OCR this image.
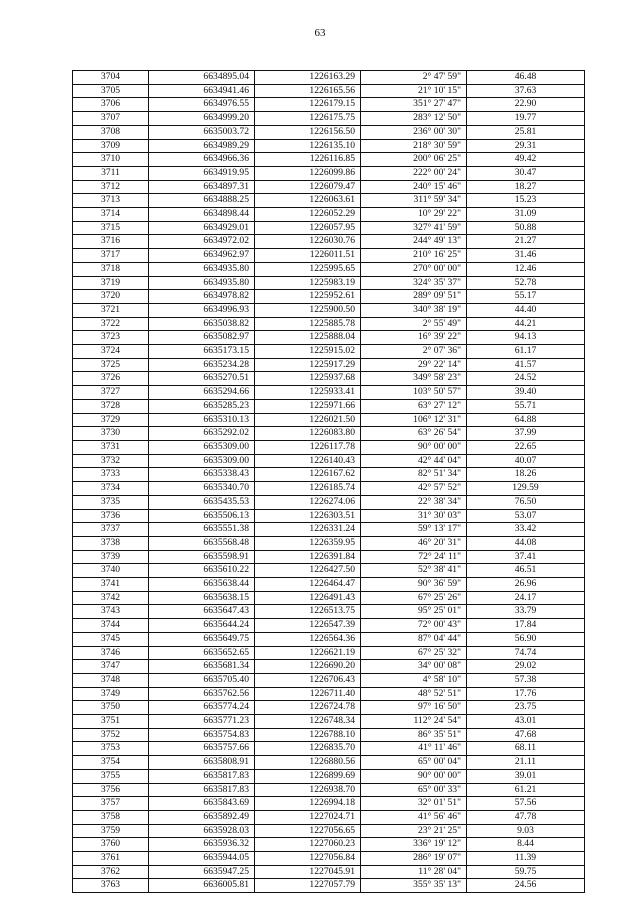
63
3704	6634895.04	1226163.29	2° 47' 59"	46.48
3705	6634941.46	1226165.56	21° 10' 15"	37.63
3706	6634976.55	1226179.15	351° 27' 47"	22.90
3707	6634999.20	1226175.75	283° 12' 50"	19.77
3708	6635003.72	1226156.50	236° 00' 30"	25.81
3709	6634989.29	1226135.10	218° 30' 59"	29.31
3710	6634966.36	1226116.85	200° 06' 25"	49.42
3711	6634919.95	1226099.86	222° 00' 24"	30.47
3712	6634897.31	1226079.47	240° 15' 46"	18.27
3713	6634888.25	1226063.61	311° 59' 34"	15.23
3714	6634898.44	1226052.29	10° 29' 22"	31.09
3715	6634929.01	1226057.95	327° 41' 59"	50.88
3716	6634972.02	1226030.76	244° 49' 13"	21.27
3717	6634962.97	1226011.51	210° 16' 25"	31.46
3718	6634935.80	1225995.65	270° 00' 00"	12.46
3719	6634935.80	1225983.19	324° 35' 37"	52.78
3720	6634978.82	1225952.61	289° 09' 51"	55.17
3721	6634996.93	1225900.50	340° 38' 19"	44.40
3722	6635038.82	1225885.78	2° 55' 49"	44.21
3723	6635082.97	1225888.04	16° 39' 22"	94.13
3724	6635173.15	1225915.02	2° 07' 36"	61.17
3725	6635234.28	1225917.29	29° 22' 14"	41.57
3726	6635270.51	1225937.68	349° 58' 23"	24.52
3727	6635294.66	1225933.41	103° 50' 57"	39.40
3728	6635285.23	1225971.66	63° 27' 12"	55.71
3729	6635310.13	1226021.50	106° 12' 31"	64.88
3730	6635292.02	1226083.80	63° 26' 54"	37.99
3731	6635309.00	1226117.78	90° 00' 00"	22.65
3732	6635309.00	1226140.43	42° 44' 04"	40.07
3733	6635338.43	1226167.62	82° 51' 34"	18.26
3734	6635340.70	1226185.74	42° 57' 52"	129.59
3735	6635435.53	1226274.06	22° 38' 34"	76.50
3736	6635506.13	1226303.51	31° 30' 03"	53.07
3737	6635551.38	1226331.24	59° 13' 17"	33.42
3738	6635568.48	1226359.95	46° 20' 31"	44.08
3739	6635598.91	1226391.84	72° 24' 11"	37.41
3740	6635610.22	1226427.50	52° 38' 41"	46.51
3741	6635638.44	1226464.47	90° 36' 59"	26.96
3742	6635638.15	1226491.43	67° 25' 26"	24.17
3743	6635647.43	1226513.75	95° 25' 01"	33.79
3744	6635644.24	1226547.39	72° 00' 43"	17.84
3745	6635649.75	1226564.36	87° 04' 44"	56.90
3746	6635652.65	1226621.19	67° 25' 32"	74.74
3747	6635681.34	1226690.20	34° 00' 08"	29.02
3748	6635705.40	1226706.43	4° 58' 10"	57.38
3749	6635762.56	1226711.40	48° 52' 51"	17.76
3750	6635774.24	1226724.78	97° 16' 50"	23.75
3751	6635771.23	1226748.34	112° 24' 54"	43.01
3752	6635754.83	1226788.10	86° 35' 51"	47.68
3753	6635757.66	1226835.70	41° 11' 46"	68.11
3754	6635808.91	1226880.56	65° 00' 04"	21.11
3755	6635817.83	1226899.69	90° 00' 00"	39.01
3756	6635817.83	1226938.70	65° 00' 33"	61.21
3757	6635843.69	1226994.18	32° 01' 51"	57.56
3758	6635892.49	1227024.71	41° 56' 46"	47.78
3759	6635928.03	1227056.65	23° 21' 25"	9.03
3760	6635936.32	1227060.23	336° 19' 12"	8.44
3761	6635944.05	1227056.84	286° 19' 07"	11.39
3762	6635947.25	1227045.91	11° 28' 04"	59.75
3763	6636005.81	1227057.79	355° 35' 13"	24.56
